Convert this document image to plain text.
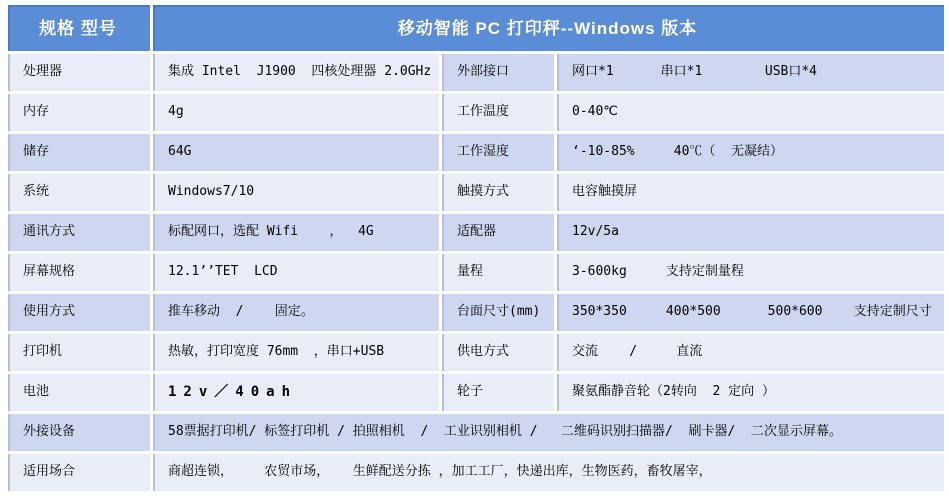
规格 型号	移动智能 PC 打印秤--Windows 版本
处理器	集成 Intel  J1900  四核处理器 2.0GHz	外部接口	网口*1      串口*1        USB口*4
内存	4g	工作温度	0-40℃
储存	64G	工作湿度	‘-10-85%     40℃（  无凝结）
系统	Windows7/10	触摸方式	电容触摸屏
通讯方式	标配网口，选配 Wifi    ，  4G	适配器	12v/5a
屏幕规格	12.1’’TET  LCD	量程	3-600kg     支持定制量程
使用方式	推车移动  /    固定。	台面尺寸(mm)	350*350     400*500      500*600    支持定制尺寸
打印机	热敏，打印宽度 76mm  ，串口+USB	供电方式	交流    /     直流
电池	12v／40ah	轮子	聚氨酯静音轮（2转向  2 定向 ）
外接设备	58票据打印机/ 标签打印机 / 拍照相机  /  工业识别相机 /   二维码识别扫描器/  刷卡器/  二次显示屏幕。
适用场合	商超连锁，    农贸市场，   生鲜配送分拣 ，加工工厂，快递出库，生物医药，畜牧屠宰，
